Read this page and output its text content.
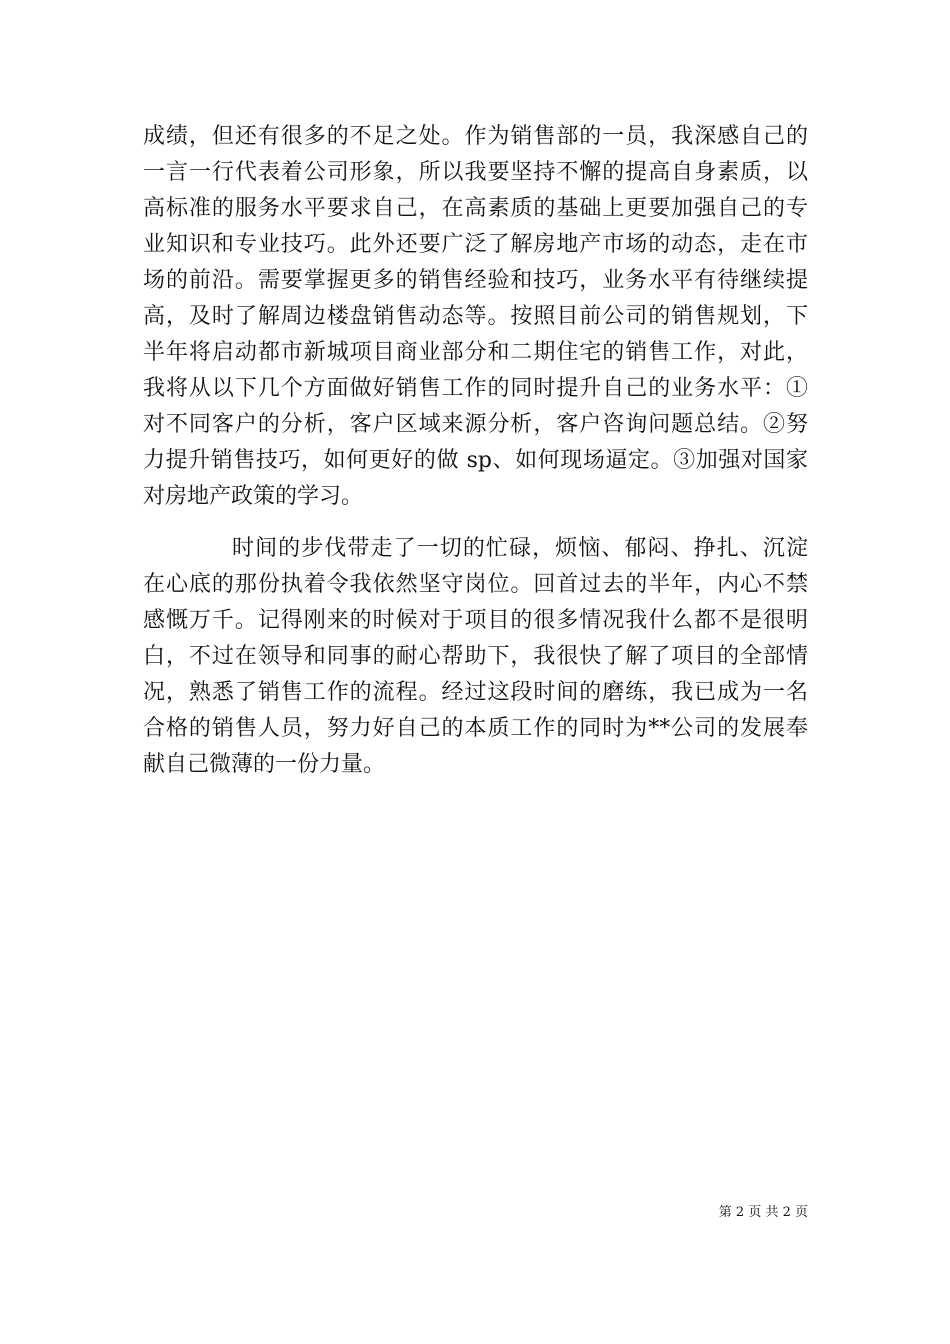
成绩，但还有很多的不足之处。作为销售部的一员，我深感自己的
一言一行代表着公司形象，所以我要坚持不懈的提高自身素质，以
高标准的服务水平要求自己，在高素质的基础上更要加强自己的专
业知识和专业技巧。此外还要广泛了解房地产市场的动态，走在市
场的前沿。需要掌握更多的销售经验和技巧，业务水平有待继续提
高，及时了解周边楼盘销售动态等。按照目前公司的销售规划，下
半年将启动都市新城项目商业部分和二期住宅的销售工作，对此，
我将从以下几个方面做好销售工作的同时提升自己的业务水平：①
对不同客户的分析，客户区域来源分析，客户咨询问题总结。②努
力提升销售技巧，如何更好的做 sp、如何现场逼定。③加强对国家
对房地产政策的学习。
时间的步伐带走了一切的忙碌，烦恼、郁闷、挣扎、沉淀
在心底的那份执着令我依然坚守岗位。回首过去的半年，内心不禁
感慨万千。记得刚来的时候对于项目的很多情况我什么都不是很明
白，不过在领导和同事的耐心帮助下，我很快了解了项目的全部情
况，熟悉了销售工作的流程。经过这段时间的磨练，我已成为一名
合格的销售人员，努力好自己的本质工作的同时为**公司的发展奉
献自己微薄的一份力量。
第 2 页 共 2 页
